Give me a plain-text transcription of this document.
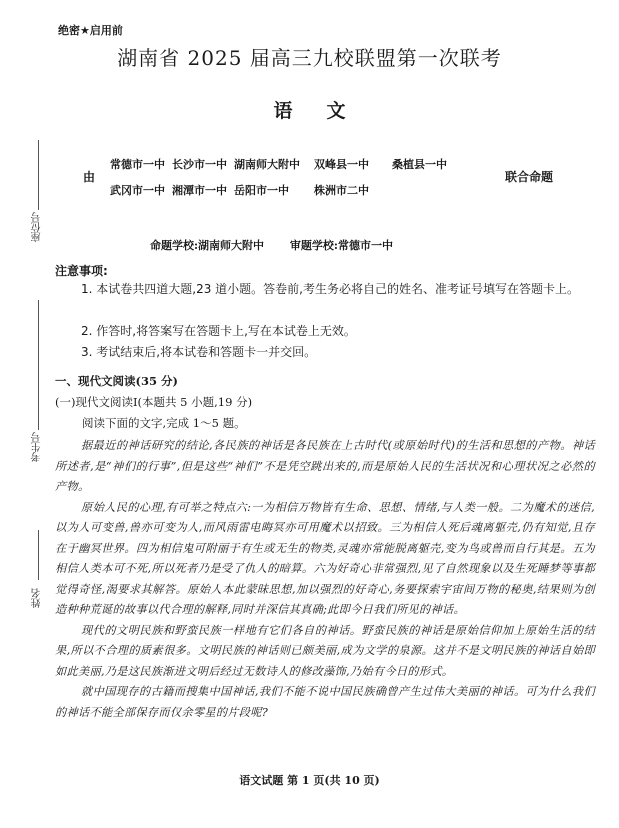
绝密★启用前
湖南省 2025 届高三九校联盟第一次联考
语文
由
常德市一中 长沙市一中 湖南师大附中	双峰县一中	桑植县一中
武冈市一中 湘潭市一中 岳阳市一中	株洲市二中
联合命题
命题学校:湖南师大附中 审题学校:常德市一中
座位号
考生号
姓名
注意事项:
1. 本试卷共四道大题,23 道小题。答卷前,考生务必将自己的姓名、准考证号填写在答题卡上。
2. 作答时,将答案写在答题卡上,写在本试卷上无效。
3. 考试结束后,将本试卷和答题卡一并交回。
一、现代文阅读(35 分)
(一)现代文阅读Ⅰ(本题共 5 小题,19 分)
阅读下面的文字,完成 1～5 题。

据最近的神话研究的结论,各民族的神话是各民族在上古时代(或原始时代)的生活和思想的产物。神话所述者,是“神们的行事”,但是这些“神们”不是凭空跳出来的,而是原始人民的生活状况和心理状况之必然的产物。

原始人民的心理,有可举之特点六:一为相信万物皆有生命、思想、情绪,与人类一般。二为魔术的迷信,以为人可变兽,兽亦可变为人,而风雨雷电晦冥亦可用魔术以招致。三为相信人死后魂离躯壳,仍有知觉,且存在于幽冥世界。四为相信鬼可附丽于有生或无生的物类,灵魂亦常能脱离躯壳,变为鸟或兽而自行其是。五为相信人类本可不死,所以死者乃是受了仇人的暗算。六为好奇心非常强烈,见了自然现象以及生死睡梦等事都觉得奇怪,渴要求其解答。原始人本此蒙昧思想,加以强烈的好奇心,务要探索宇宙间万物的秘奥,结果则为创造种种荒诞的故事以代合理的解释,同时并深信其真确;此即今日我们所见的神话。

现代的文明民族和野蛮民族一样地有它们各自的神话。野蛮民族的神话是原始信仰加上原始生活的结果,所以不合理的质素很多。文明民族的神话则已颇美丽,成为文学的泉源。这并不是文明民族的神话自始即如此美丽,乃是这民族渐进文明后经过无数诗人的修改藻饰,乃始有今日的形式。

就中国现存的古籍而搜集中国神话,我们不能不说中国民族确曾产生过伟大美丽的神话。可为什么我们的神话不能全部保存而仅余零星的片段呢?

语文试题 第 1 页(共 10 页)
